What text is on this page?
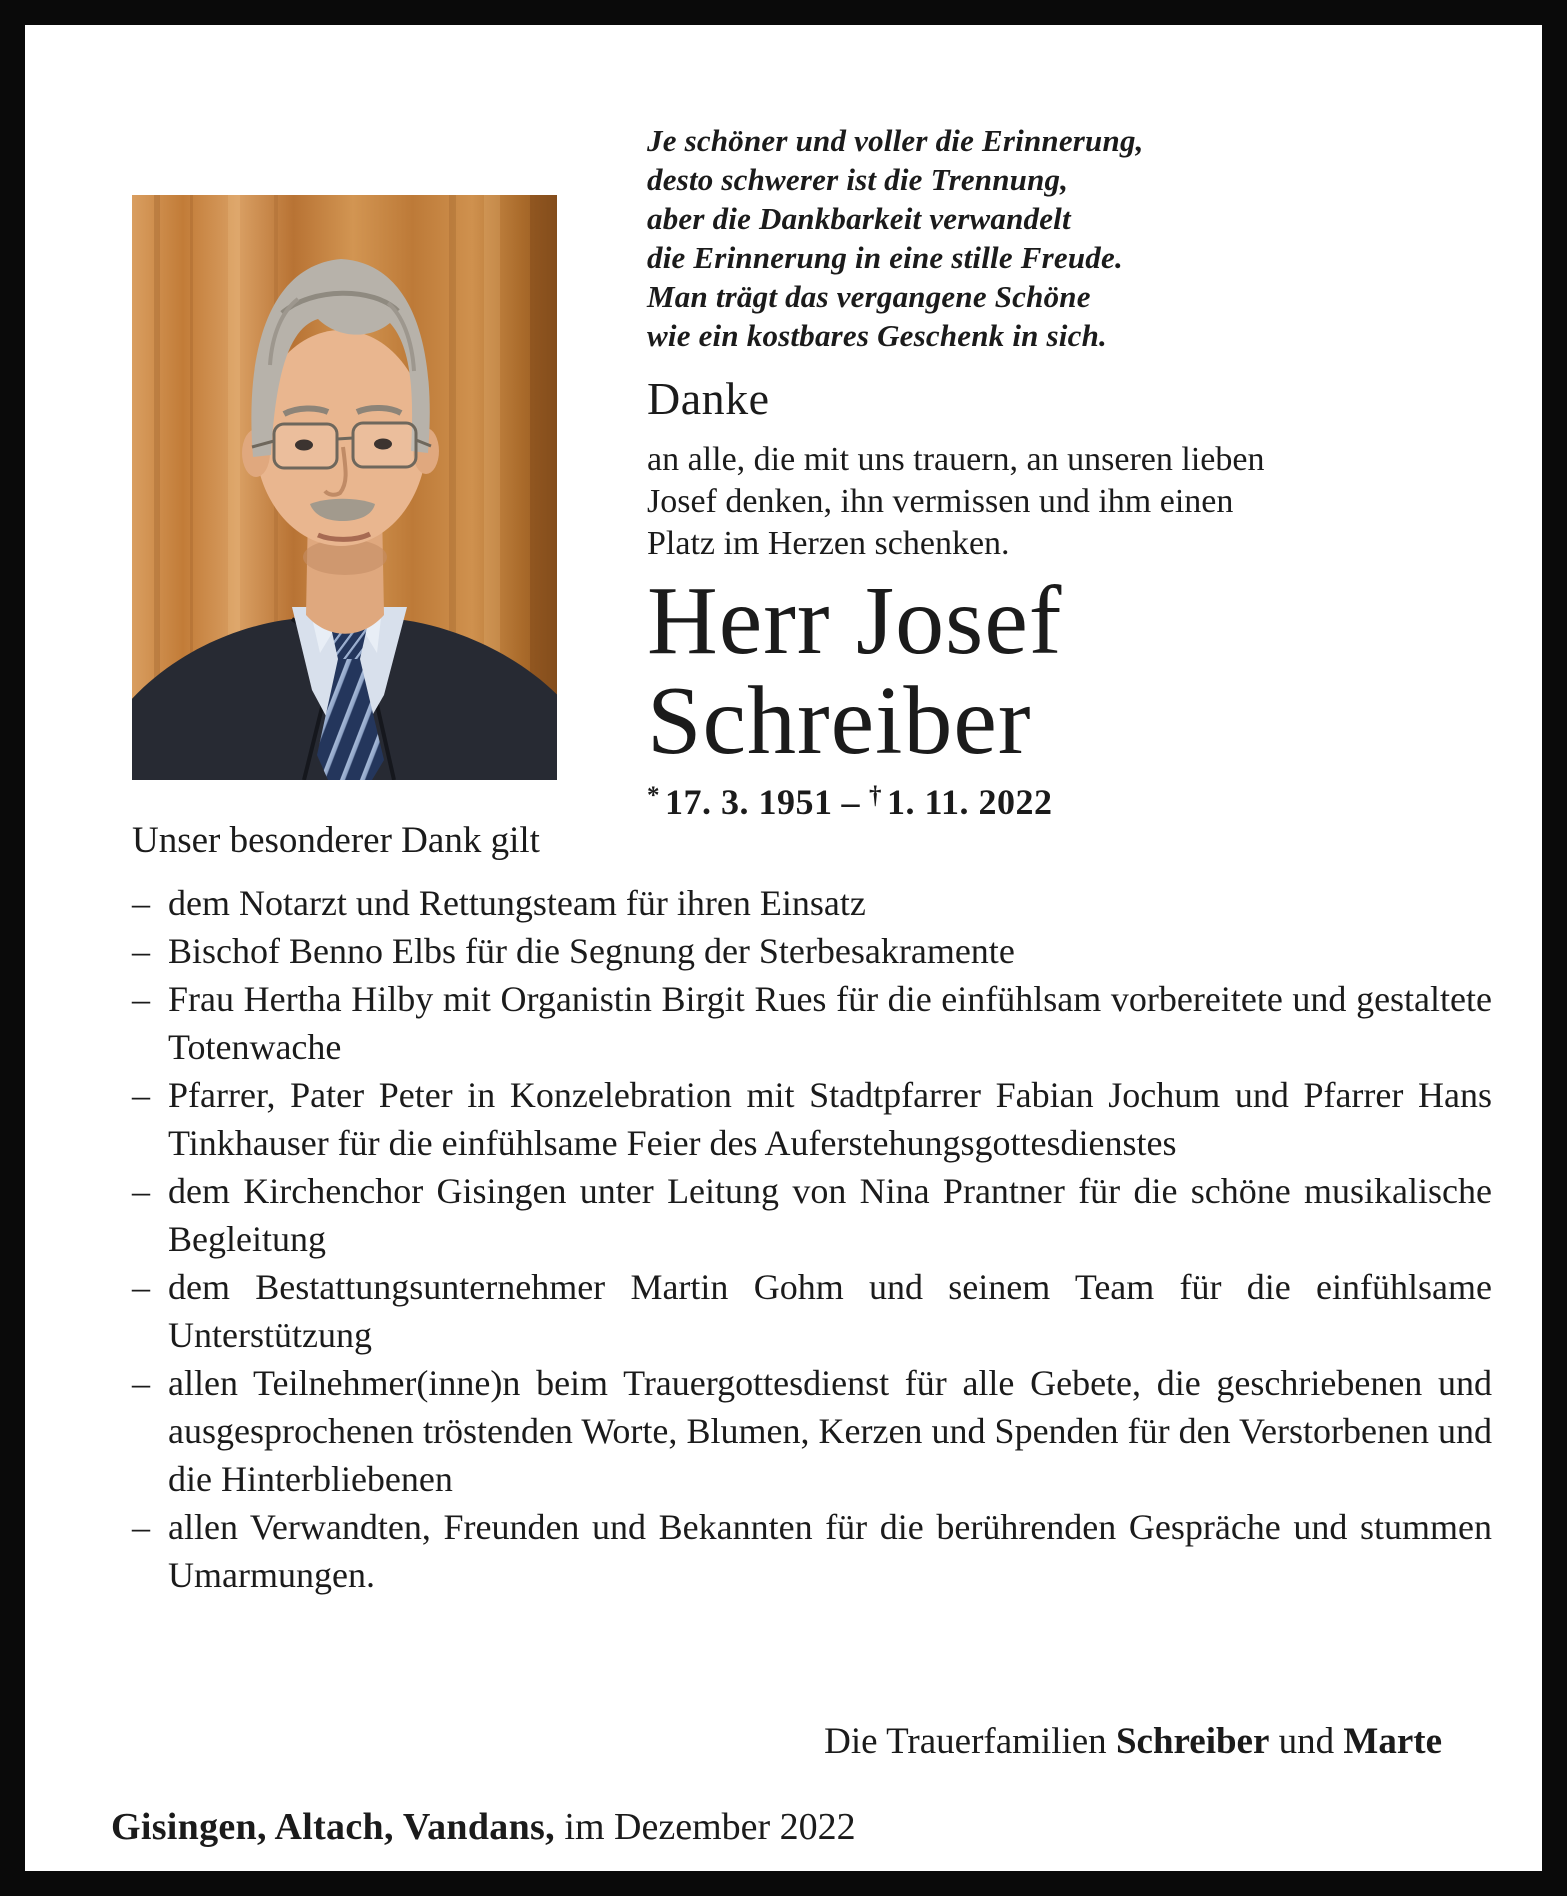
Je schöner und voller die Erinnerung,
desto schwerer ist die Trennung,
aber die Dankbarkeit verwandelt
die Erinnerung in eine stille Freude.
Man trägt das vergangene Schöne
wie ein kostbares Geschenk in sich.
Danke
an alle, die mit uns trauern, an unseren lieben Josef denken, ihn vermissen und ihm einen Platz im Herzen schenken.
Herr Josef
Schreiber
* 17. 3. 1951 – † 1. 11. 2022
Unser besonderer Dank gilt
– dem Notarzt und Rettungsteam für ihren Einsatz
– Bischof Benno Elbs für die Segnung der Sterbesakramente
– Frau Hertha Hilby mit Organistin Birgit Rues für die einfühlsam vorbereitete und gestaltete Totenwache
– Pfarrer, Pater Peter in Konzelebration mit Stadtpfarrer Fabian Jochum und Pfarrer Hans Tinkhauser für die einfühlsame Feier des Auferstehungsgottesdienstes
– dem Kirchenchor Gisingen unter Leitung von Nina Prantner für die schöne musikalische Begleitung
– dem Bestattungsunternehmer Martin Gohm und seinem Team für die einfühlsame Unterstützung
– allen Teilnehmer(inne)n beim Trauergottesdienst für alle Gebete, die geschriebenen und ausgesprochenen tröstenden Worte, Blumen, Kerzen und Spenden für den Verstorbenen und die Hinterbliebenen
– allen Verwandten, Freunden und Bekannten für die berührenden Gespräche und stummen Umarmungen.
Die Trauerfamilien Schreiber und Marte
Gisingen, Altach, Vandans, im Dezember 2022
